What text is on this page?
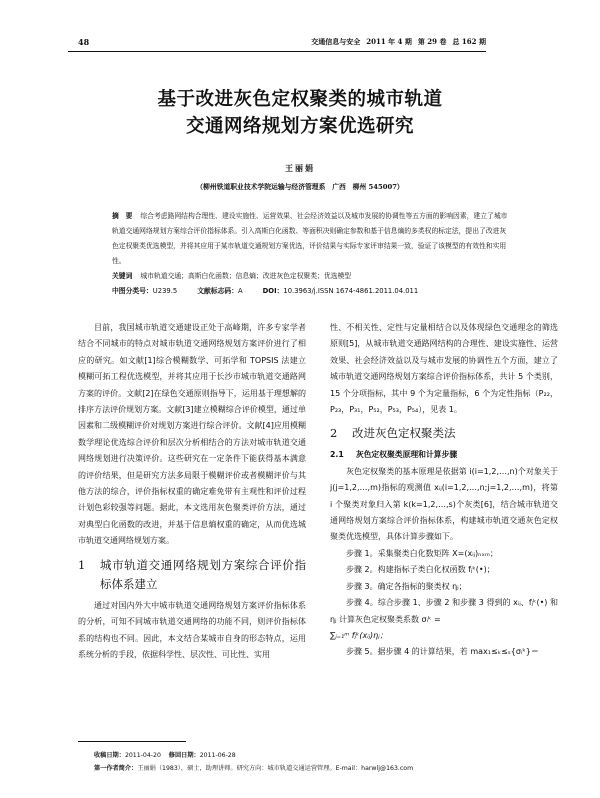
48	交通信息与安全 2011 年 4 期 第 29 卷 总 162 期
基于改进灰色定权聚类的城市轨道
交通网络规划方案优选研究
王丽娟
（柳州铁道职业技术学院运输与经济管理系　广西　柳州 545007）
摘　要 综合考虑路网结构合理性、建设实施性、运营效果、社会经济效益以及城市发展的协调性等五方面的影响因素，建立了城市轨道交通网络规划方案综合评价指标体系。引入高斯白化函数、等面积决则确定参数和基于信息熵的多类权的标定法，提出了改进灰色定权聚类优选模型，并将其应用于某市轨道交通规划方案优选，评价结果与实际专家评审结果一致，验证了该模型的有效性和实用性。
关键词 城市轨道交通；高斯白化函数；信息熵；改进灰色定权聚类；优选模型
中图分类号：U239.5	文献标志码：A	DOI：10.3963/j.ISSN 1674-4861.2011.04.011

目前，我国城市轨道交通建设正处于高峰期，许多专家学者结合不同城市的特点对城市轨道交通网络规划方案评价进行了相应的研究。如文献[1]综合模糊数学、可拓学和 TOPSIS 法建立模糊可拓工程优选模型，并将其应用于长沙市城市轨道交通路网方案的评价。文献[2]在绿色交通原则指导下，运用基于理想解的排序方法评价规划方案。文献[3]建立模糊综合评价模型，通过单因素和二级模糊评价对规划方案进行综合评价。文献[4]应用模糊数学理论优选综合评价和层次分析相结合的方法对城市轨道交通网络规划进行决策评价。这些研究在一定条件下能获得基本满意的评价结果，但是研究方法多局限于模糊评价或者模糊评价与其他方法的综合，评价指标权重的确定难免带有主观性和评价过程计划色彩较强等问题。据此，本文选用灰色聚类评价方法，通过对典型白化函数的改进，并基于信息熵权重的确定，从而优选城市轨道交通网络规划方案。

1 城市轨道交通网络规划方案综合评价指标体系建立

通过对国内外大中城市轨道交通网络规划方案评价指标体系的分析，可知不同城市轨道交通网络的功能不同，则评价指标体系的结构也不同。因此，本文结合某城市自身的形态特点，运用系统分析的手段，依据科学性、层次性、可比性、实用

性、不相关性、定性与定量相结合以及体现绿色交通理念的筛选原则[5]，从城市轨道交通路网结构的合理性、建设实施性、运营效果、社会经济效益以及与城市发展的协调性五个方面，建立了城市轨道交通网络规划方案综合评价指标体系，共计 5 个类别，15 个分项指标，其中 9 个为定量指标，6 个为定性指标（P₂₂，P₂₃，P₃₁，P₅₂，P₅₃，P₅₄），见表 1。

2 改进灰色定权聚类法
2.1 灰色定权聚类原理和计算步骤

灰色定权聚类的基本原理是依据第 i(i=1,2,…,n)个对象关于 j(j=1,2,…,m)指标的观测值 xᵢⱼ(i=1,2,…,n;j=1,2,…,m)，将第 i 个聚类对象归入第 k(k=1,2,…,s)个灰类[6]，结合城市轨道交通网络规划方案综合评价指标体系，构建城市轨道交通灰色定权聚类优选模型，具体计算步骤如下。

步骤 1。采集聚类白化数矩阵 X=(xᵢⱼ)ₙₓₘ；

步骤 2。构建指标子类白化权函数 fⱼᵏ(•)；

步骤 3。确定各指标的聚类权 ηⱼ；

步骤 4。综合步骤 1、步骤 2 和步骤 3 得到的 xᵢⱼ、fⱼᵏ(•) 和 ηⱼ 计算灰色定权聚类系数 σᵢᵏ =

∑ⱼ₌₁ᵐ fⱼᵏ(xᵢⱼ)ηⱼ；

步骤 5。据步骤 4 的计算结果，若 max₁≤ₖ≤ₛ{σᵢᵏ}＝

收稿日期：2011-04-20 修回日期：2011-06-28
第一作者简介：王丽娟（1983），硕士，助理讲师。研究方向：城市轨道交通运营管理。E-mail：harwlj@163.com
